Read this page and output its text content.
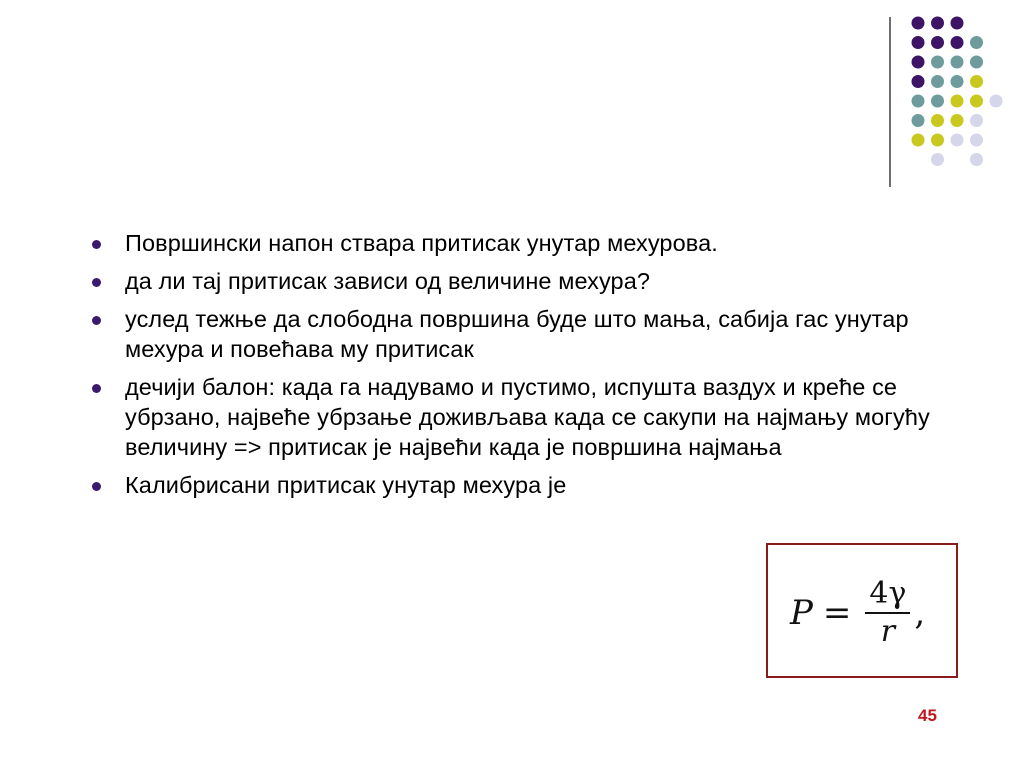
Површински напон ствара притисак унутар мехурова.
да ли тај притисак зависи од величине мехура?
услед тежње да слободна површина буде што мања, сабија гас унутар мехура и повећава му притисак
дечији балон: када га надувамо и пустимо, испушта ваздух и креће се убрзано, највеће убрзање доживљава када се сакупи на најмању могућу величину => притисак је највећи када је површина најмања
Калибрисани притисак унутар мехура је
$P = \frac{4\gamma}{r}$ ,
45
